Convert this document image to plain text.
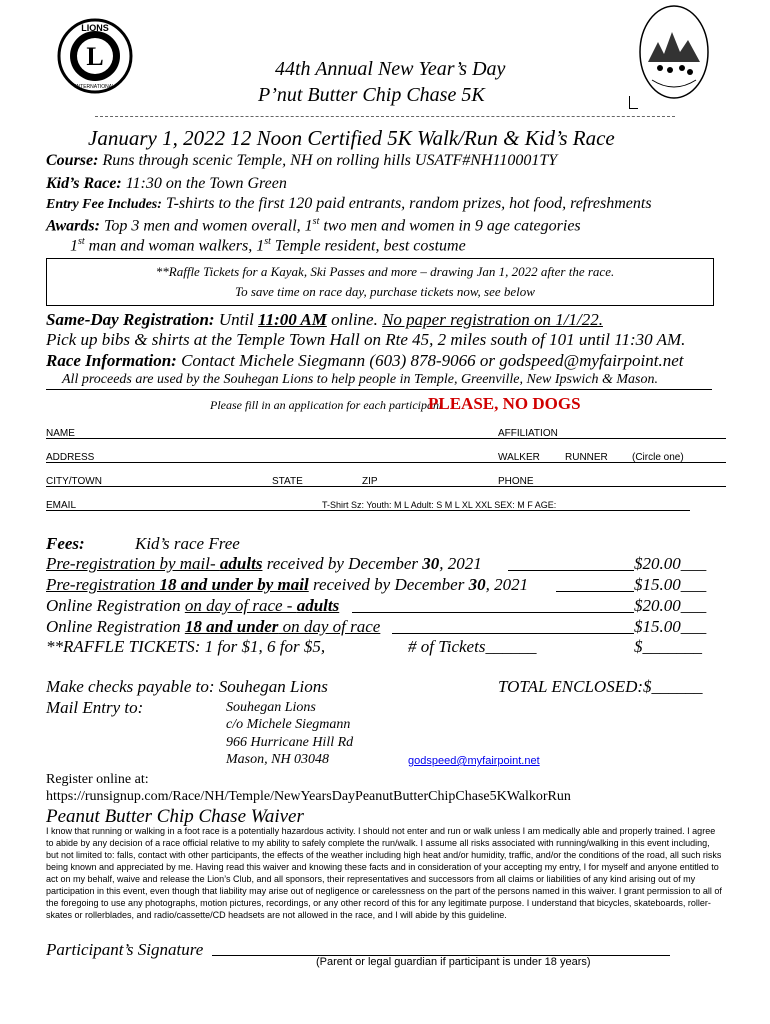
L
LIONS
INTERNATIONAL
44th Annual New Year’s Day
P’nut Butter Chip Chase 5K
January 1, 2022 12 Noon Certified 5K Walk/Run & Kid’s Race
Course: Runs through scenic Temple, NH on rolling hills USATF#NH110001TY
Kid’s Race: 11:30 on the Town Green
Entry Fee Includes: T-shirts to the first 120 paid entrants, random prizes, hot food, refreshments
Awards: Top 3 men and women overall, 1st two men and women in 9 age categories
1st man and woman walkers, 1st Temple resident, best costume
**Raffle Tickets for a Kayak, Ski Passes and more – drawing Jan 1, 2022 after the race.
To save time on race day, purchase tickets now, see below
Same-Day Registration: Until 11:00 AM online. No paper registration on 1/1/22.
Pick up bibs & shirts at the Temple Town Hall on Rte 45, 2 miles south of 101 until 11:30 AM.
Race Information: Contact Michele Siegmann (603) 878-9066 or godspeed@myfairpoint.net
All proceeds are used by the Souhegan Lions to help people in Temple, Greenville, New Ipswich & Mason.
Please fill in an application for each participant
PLEASE, NO DOGS
NAME	AFFILIATION
ADDRESS	WALKER	RUNNER (Circle one)
CITY/TOWN	STATE	ZIP	PHONE
EMAIL	T-Shirt Sz: Youth: M L Adult: S M L XL XXL SEX: M F AGE:
Fees:	Kid’s race Free
Pre-registration by mail- adults received by December 30, 2021	$20.00___
Pre-registration 18 and under by mail received by December 30, 2021	$15.00___
Online Registration on day of race - adults	$20.00___
Online Registration 18 and under on day of race	$15.00___
**RAFFLE TICKETS: 1 for $1, 6 for $5,	# of Tickets______	$_______
Make checks payable to: Souhegan Lions	TOTAL ENCLOSED:$______
Mail Entry to:	Souhegan Lions
c/o Michele Siegmann
966 Hurricane Hill Rd
Mason, NH 03048	godspeed@myfairpoint.net
Register online at:
https://runsignup.com/Race/NH/Temple/NewYearsDayPeanutButterChipChase5KWalkorRun
Peanut Butter Chip Chase Waiver
I know that running or walking in a foot race is a potentially hazardous activity. I should not enter and run or walk unless I am medically able and properly trained. I agree to abide by any decision of a race official relative to my ability to safely complete the run/walk. I assume all risks associated with running/walking in this event including, but not limited to: falls, contact with other participants, the effects of the weather including high heat and/or humidity, traffic, and/or the conditions of the road, all such risks being known and appreciated by me. Having read this waiver and knowing these facts and in consideration of your accepting my entry, I for myself and anyone entitled to act on my behalf, waive and release the Lion’s Club, and all sponsors, their representatives and successors from all claims or liabilities of any kind arising out of my participation in this event, even though that liability may arise out of negligence or carelessness on the part of the persons named in this waiver. I grant permission to all of the foregoing to use any photographs, motion pictures, recordings, or any other record of this for any legitimate purpose. I understand that bicycles, skateboards, roller-skates or rollerblades, and radio/cassette/CD headsets are not allowed in the race, and I will abide by this guideline.
Participant’s Signature
(Parent or legal guardian if participant is under 18 years)
